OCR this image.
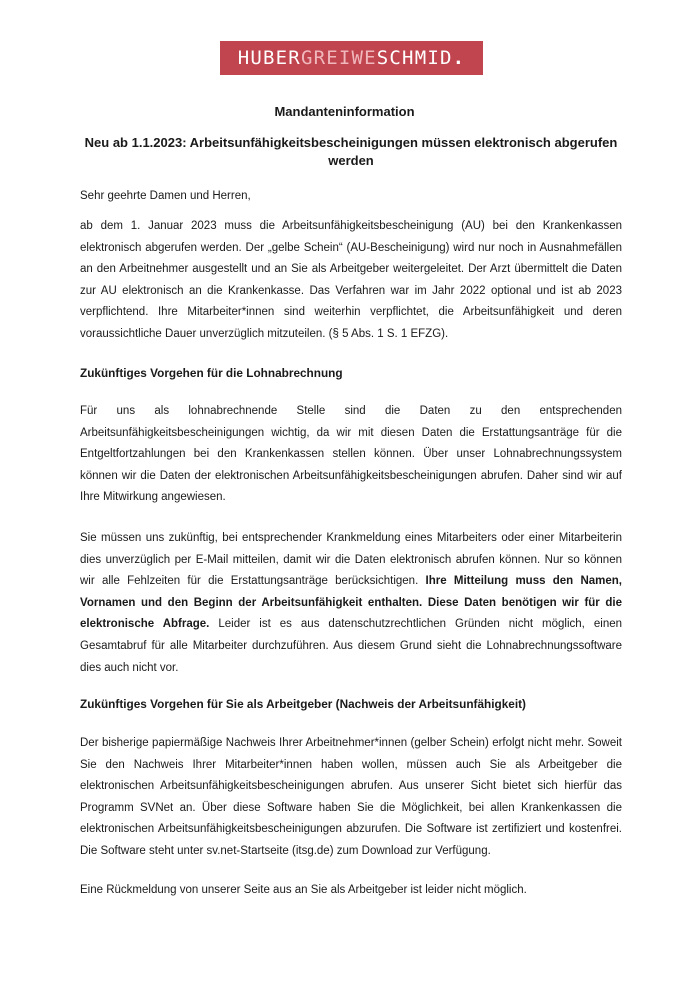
HUBER GREIWE SCHMID .
Mandanteninformation
Neu ab 1.1.2023: Arbeitsunfähigkeitsbescheinigungen müssen elektronisch abgerufen werden

Sehr geehrte Damen und Herren,

ab dem 1. Januar 2023 muss die Arbeitsunfähigkeitsbescheinigung (AU) bei den Krankenkassen elektronisch abgerufen werden. Der „gelbe Schein“ (AU-Bescheinigung) wird nur noch in Ausnahmefällen an den Arbeitnehmer ausgestellt und an Sie als Arbeitgeber weitergeleitet. Der Arzt übermittelt die Daten zur AU elektronisch an die Krankenkasse. Das Verfahren war im Jahr 2022 optional und ist ab 2023 verpflichtend. Ihre Mitarbeiter*innen sind weiterhin verpflichtet, die Arbeitsunfähigkeit und deren voraussichtliche Dauer unverzüglich mitzuteilen. (§ 5 Abs. 1 S. 1 EFZG).

Zukünftiges Vorgehen für die Lohnabrechnung

Für uns als lohnabrechnende Stelle sind die Daten zu den entsprechenden Arbeitsunfähigkeitsbescheinigungen wichtig, da wir mit diesen Daten die Erstattungsanträge für die Entgeltfortzahlungen bei den Krankenkassen stellen können. Über unser Lohnabrechnungssystem können wir die Daten der elektronischen Arbeitsunfähigkeitsbescheinigungen abrufen. Daher sind wir auf Ihre Mitwirkung angewiesen.

Sie müssen uns zukünftig, bei entsprechender Krankmeldung eines Mitarbeiters oder einer Mitarbeiterin dies unverzüglich per E-Mail mitteilen, damit wir die Daten elektronisch abrufen können. Nur so können wir alle Fehlzeiten für die Erstattungsanträge berücksichtigen. Ihre Mitteilung muss den Namen, Vornamen und den Beginn der Arbeitsunfähigkeit enthalten. Diese Daten benötigen wir für die elektronische Abfrage. Leider ist es aus datenschutzrechtlichen Gründen nicht möglich, einen Gesamtabruf für alle Mitarbeiter durchzuführen. Aus diesem Grund sieht die Lohnabrechnungssoftware dies auch nicht vor.

Zukünftiges Vorgehen für Sie als Arbeitgeber (Nachweis der Arbeitsunfähigkeit)

Der bisherige papiermäßige Nachweis Ihrer Arbeitnehmer*innen (gelber Schein) erfolgt nicht mehr. Soweit Sie den Nachweis Ihrer Mitarbeiter*innen haben wollen, müssen auch Sie als Arbeitgeber die elektronischen Arbeitsunfähigkeitsbescheinigungen abrufen. Aus unserer Sicht bietet sich hierfür das Programm SVNet an. Über diese Software haben Sie die Möglichkeit, bei allen Krankenkassen die elektronischen Arbeitsunfähigkeitsbescheinigungen abzurufen. Die Software ist zertifiziert und kostenfrei. Die Software steht unter sv.net-Startseite (itsg.de) zum Download zur Verfügung.

Eine Rückmeldung von unserer Seite aus an Sie als Arbeitgeber ist leider nicht möglich.
